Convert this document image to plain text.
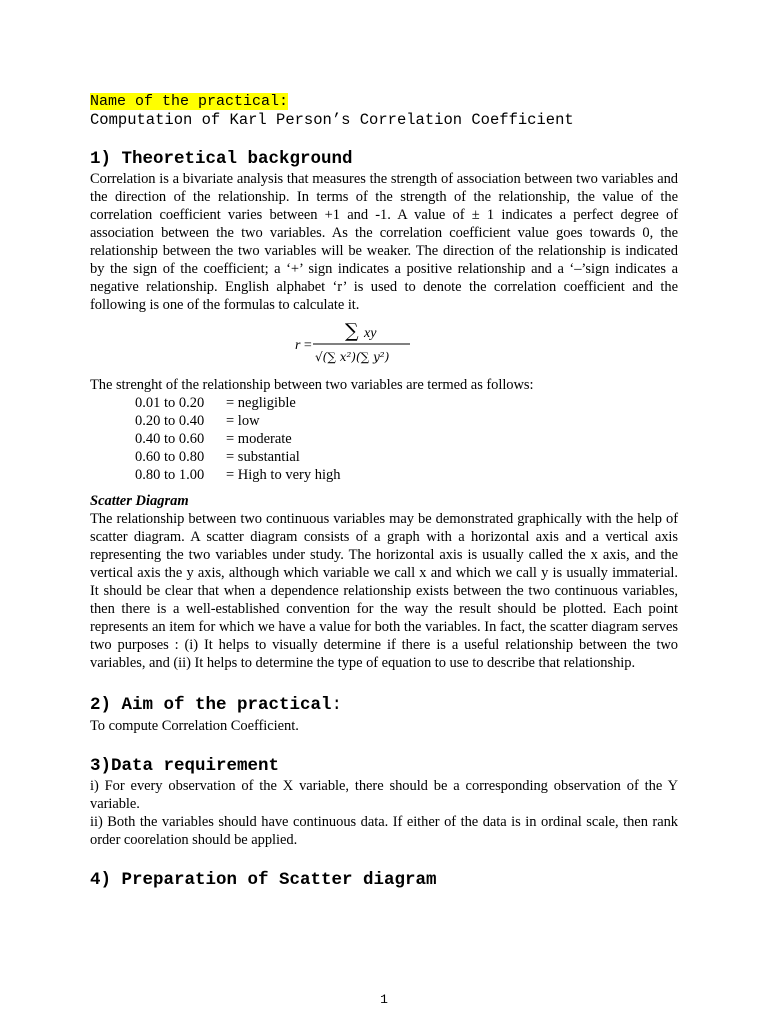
Name of the practical:

Computation of Karl Person’s Correlation Coefficient

1) Theoretical background

Correlation is a bivariate analysis that measures the strength of association between two variables and the direction of the relationship. In terms of the strength of the relationship, the value of the correlation coefficient varies between +1 and -1. A value of ± 1 indicates a perfect degree of association between the two variables. As the correlation coefficient value goes towards 0, the relationship between the two variables will be weaker. The direction of the relationship is indicated by the sign of the coefficient; a ‘+’ sign indicates a positive relationship and a ‘–’sign indicates a negative relationship. English alphabet ‘r’ is used to denote the correlation coefficient and the following is one of the formulas to calculate it.

r =
∑ xy
√(∑ x²)(∑ y²)

The strenght of the relationship between two variables are termed as follows:

0.01 to 0.20	= negligible
0.20 to 0.40	= low
0.40 to 0.60	= moderate
0.60 to 0.80	= substantial
0.80 to 1.00	= High to very high

Scatter Diagram

The relationship between two continuous variables may be demonstrated graphically with the help of scatter diagram. A scatter diagram consists of a graph with a horizontal axis and a vertical axis representing the two variables under study. The horizontal axis is usually called the x axis, and the vertical axis the y axis, although which variable we call x and which we call y is usually immaterial. It should be clear that when a dependence relationship exists between the two continuous variables, then there is a well-established convention for the way the result should be plotted. Each point represents an item for which we have a value for both the variables. In fact, the scatter diagram serves two purposes : (i) It helps to visually determine if there is a useful relationship between the two variables, and (ii) It helps to determine the type of equation to use to describe that relationship.

2) Aim of the practical:

To compute Correlation Coefficient.

3)Data requirement

i) For every observation of the X variable, there should be a corresponding observation of the Y variable.

ii) Both the variables should have continuous data. If either of the data is in ordinal scale, then rank order coorelation should be applied.

4) Preparation of Scatter diagram
1
